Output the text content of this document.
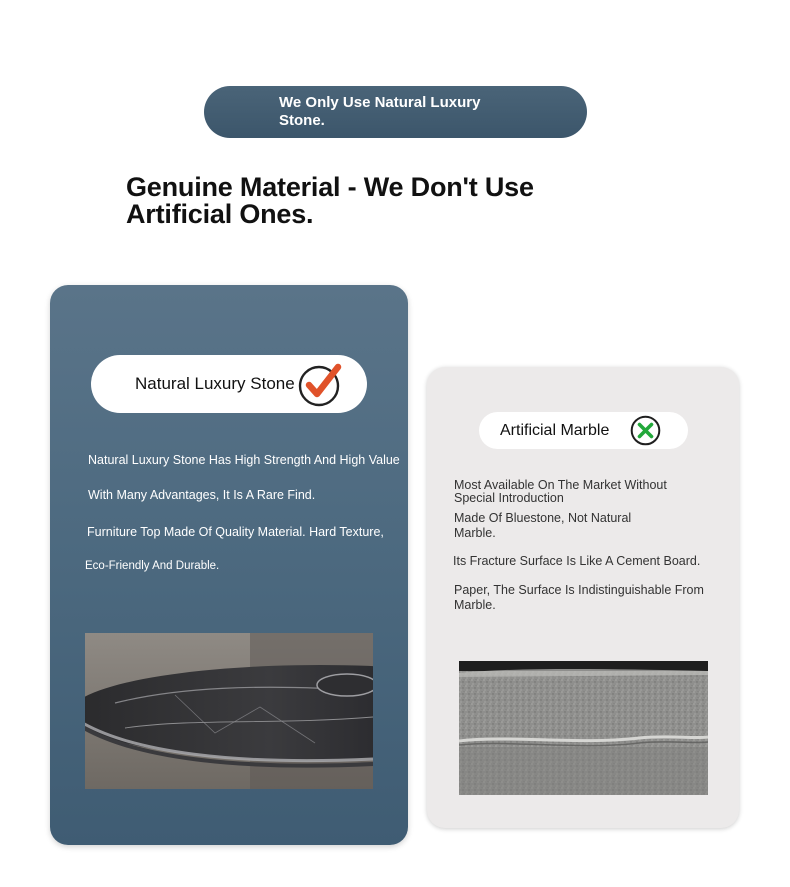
We Only Use Natural Luxury Stone.
Genuine Material - We Don't Use Artificial Ones.
Natural Luxury Stone
Natural Luxury Stone Has High Strength And High Value
With Many Advantages, It Is A Rare Find.
Furniture Top Made Of Quality Material. Hard Texture,
Eco-Friendly And Durable.
Artificial Marble
Most Available On The Market Without Special Introduction
Made Of Bluestone, Not Natural Marble.
Its Fracture Surface Is Like A Cement Board.
Paper, The Surface Is Indistinguishable From Marble.
